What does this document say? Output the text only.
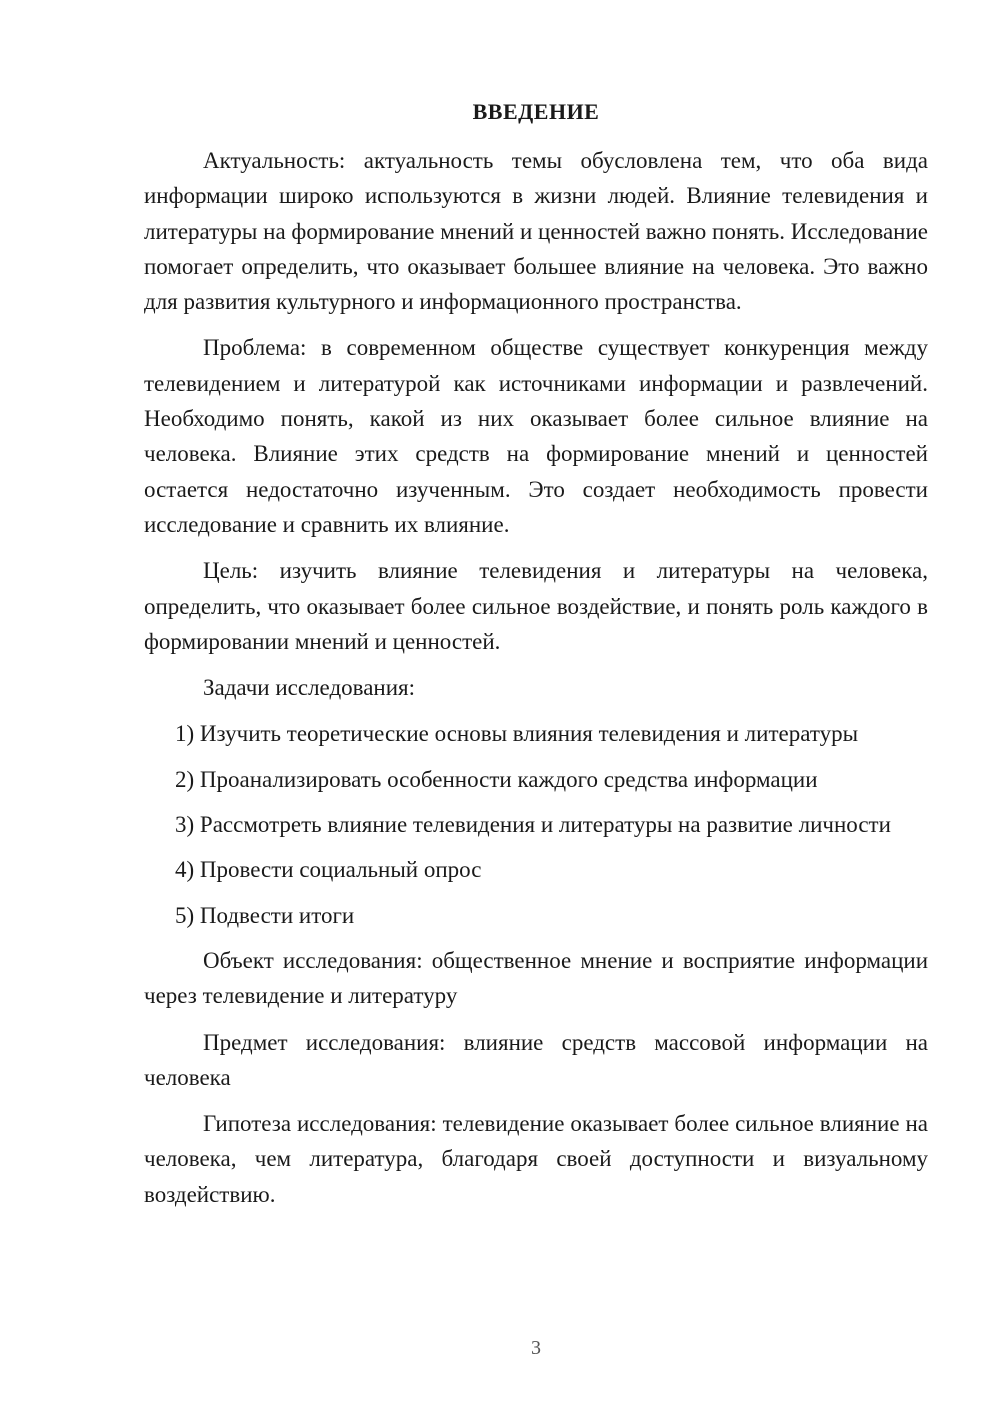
ВВЕДЕНИЕ

Актуальность: актуальность темы обусловлена тем, что оба вида информации широко используются в жизни людей. Влияние телевидения и литературы на формирование мнений и ценностей важно понять. Исследование помогает определить, что оказывает большее влияние на человека. Это важно для развития культурного и информационного пространства.

Проблема: в современном обществе существует конкуренция между телевидением и литературой как источниками информации и развлечений. Необходимо понять, какой из них оказывает более сильное влияние на человека. Влияние этих средств на формирование мнений и ценностей остается недостаточно изученным. Это создает необходимость провести исследование и сравнить их влияние.

Цель: изучить влияние телевидения и литературы на человека, определить, что оказывает более сильное воздействие, и понять роль каждого в формировании мнений и ценностей.

Задачи исследования:

1) Изучить теоретические основы влияния телевидения и литературы

2) Проанализировать особенности каждого средства информации

3) Рассмотреть влияние телевидения и литературы на развитие личности

4) Провести социальный опрос

5) Подвести итоги

Объект исследования: общественное мнение и восприятие информации через телевидение и литературу

Предмет исследования: влияние средств массовой информации на человека

Гипотеза исследования: телевидение оказывает более сильное влияние на человека, чем литература, благодаря своей доступности и визуальному воздействию.

3
